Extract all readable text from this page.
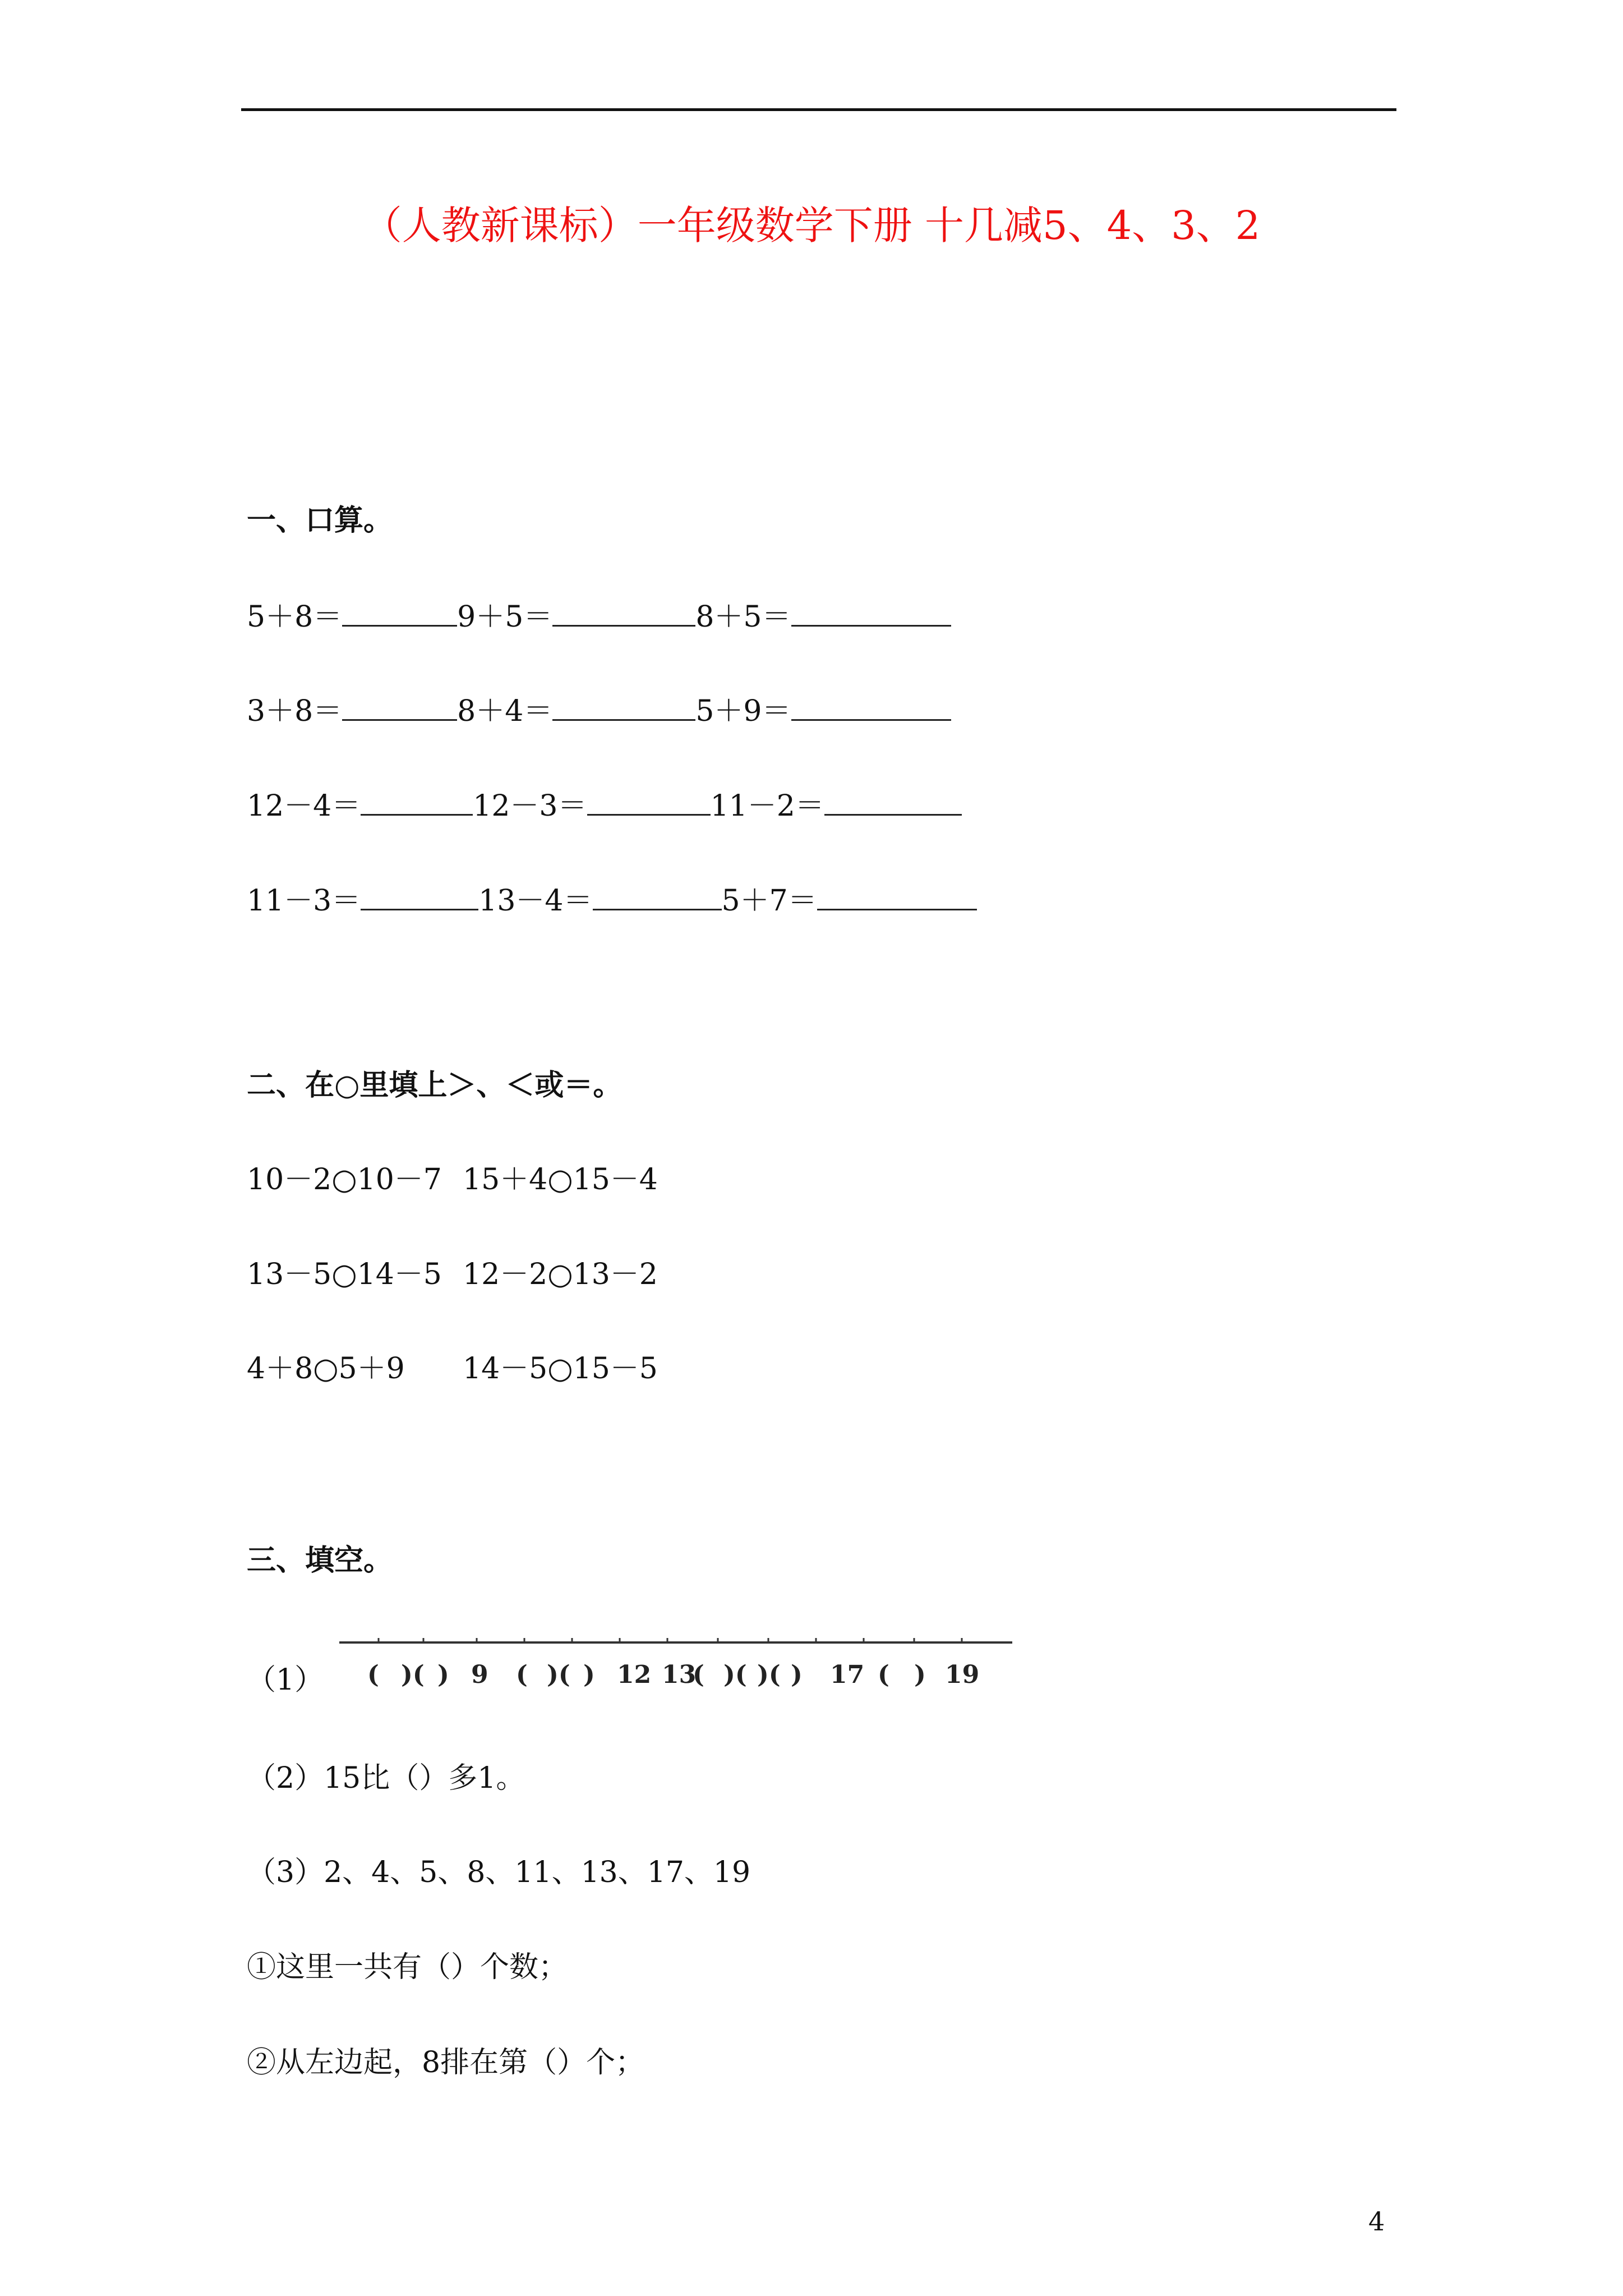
（人教新课标）一年级数学下册 十几减5、4、3、2
一、口算。
5＋8＝	9＋5＝	8＋5＝
3＋8＝	8＋4＝	5＋9＝
12－4＝	12－3＝	11－2＝
11－3＝	13－4＝	5＋7＝
二、在○里填上＞、＜或＝。
10－2○10－7 15＋4○15－4
13－5○14－5 12－2○13－2
4＋8○5＋9 14－5○15－5
三、填空。
（1） ( )( ) 9 ( )( ) 12 13
( )( )( ) 17 ( ) 19
（2）15比（）多1。
（3）2、4、5、8、11、13、17、19
①这里一共有（）个数；
②从左边起，8排在第（）个；
4
